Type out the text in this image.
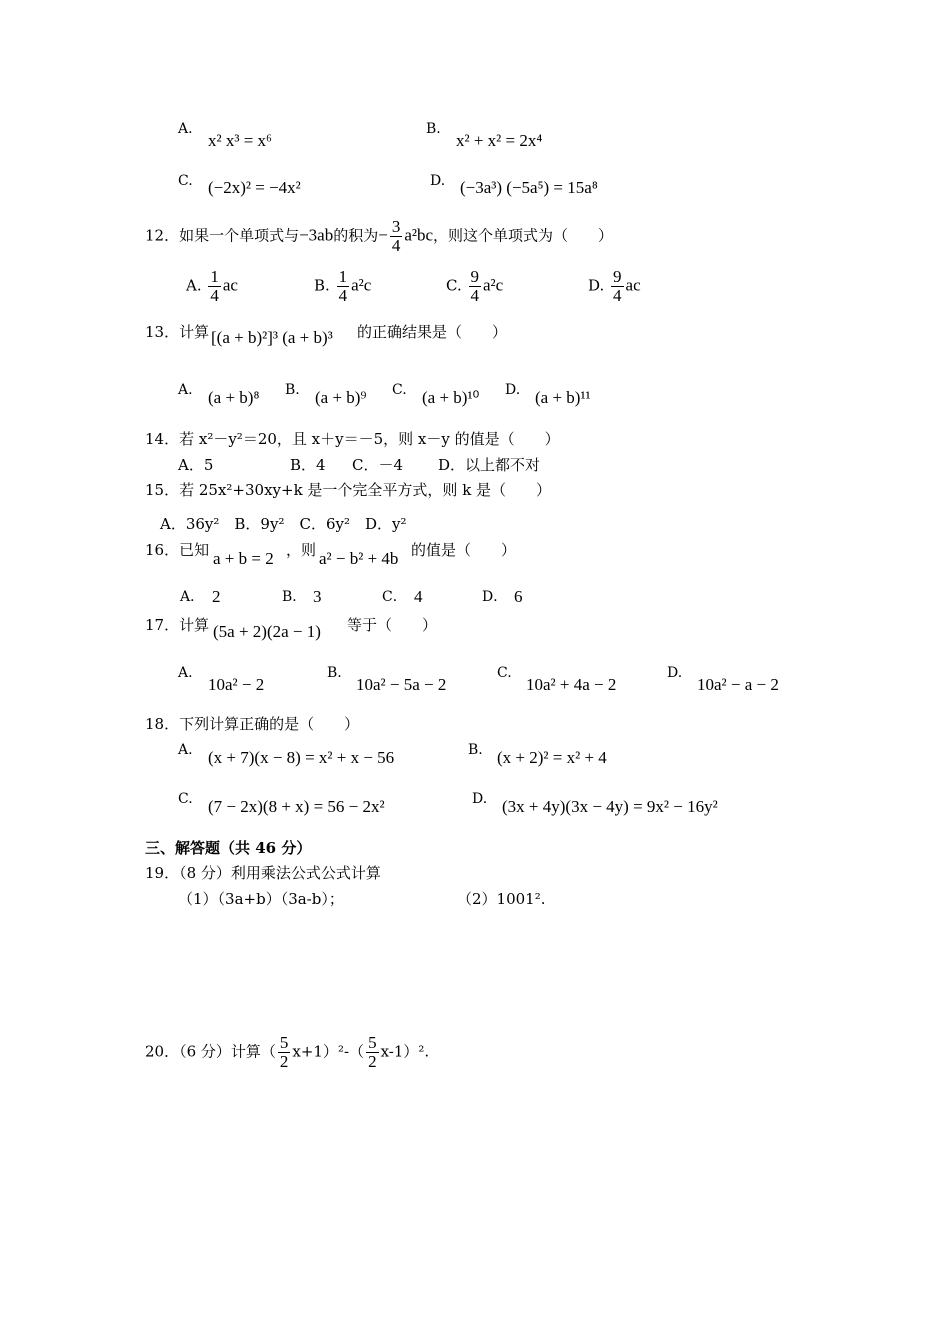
A.
x² x³ = x⁶
B.
x² + x² = 2x⁴
C. (−2x)² = −4x²	D. (−3a³) (−5a⁵) = 15a⁸
12．如果一个单项式与−3ab的积为− $\frac{3}{4} a^2bc$，则这个单项式为（　　）
A. $\frac{1}{4}$ ac	B. $\frac{1}{4} a^2c$	C. $\frac{9}{4} a^2c$	D. $\frac{9}{4}$ ac
13．计算 [(a + b)²]³ (a + b)³ 的正确结果是（　　）
A. (a + b)⁸ B. (a + b)⁹ C. (a + b)¹⁰ D. (a + b)¹¹
14．若 x²－y²＝20，且 x＋y＝－5，则 x－y 的值是（　　）
A．5	B．4 C．－4 D．以上都不对
15．若 25x²+30xy+k 是一个完全平方式，则 k 是（　　）
A．36y²　B．9y²　C．6y²　D．y²
16．已知 a + b = 2 ，则 a² − b² + 4b 的值是（　　）
A． 2	B． 3	C． 4	D． 6
17．计算 (5a + 2)(2a − 1) 等于（　　）
A.
10a² − 2
B.
10a² − 5a − 2
C.
10a² + 4a − 2
D.
10a² − a − 2
18．下列计算正确的是（　　）
A. (x + 7)(x − 8) = x² + x − 56	B. (x + 2)² = x² + 4
C. (7 − 2x)(8 + x) = 56 − 2x²	D. (3x + 4y)(3x − 4y) = 9x² − 16y²
三、解答题（共 46 分）
19．（8 分）利用乘法公式公式计算
（1）（3a+b）（3a-b）；	（2）1001².
20．（6 分）计算（ $\frac{5}{2} x+1)^2-( \frac{5}{2} x-1)^2$.
